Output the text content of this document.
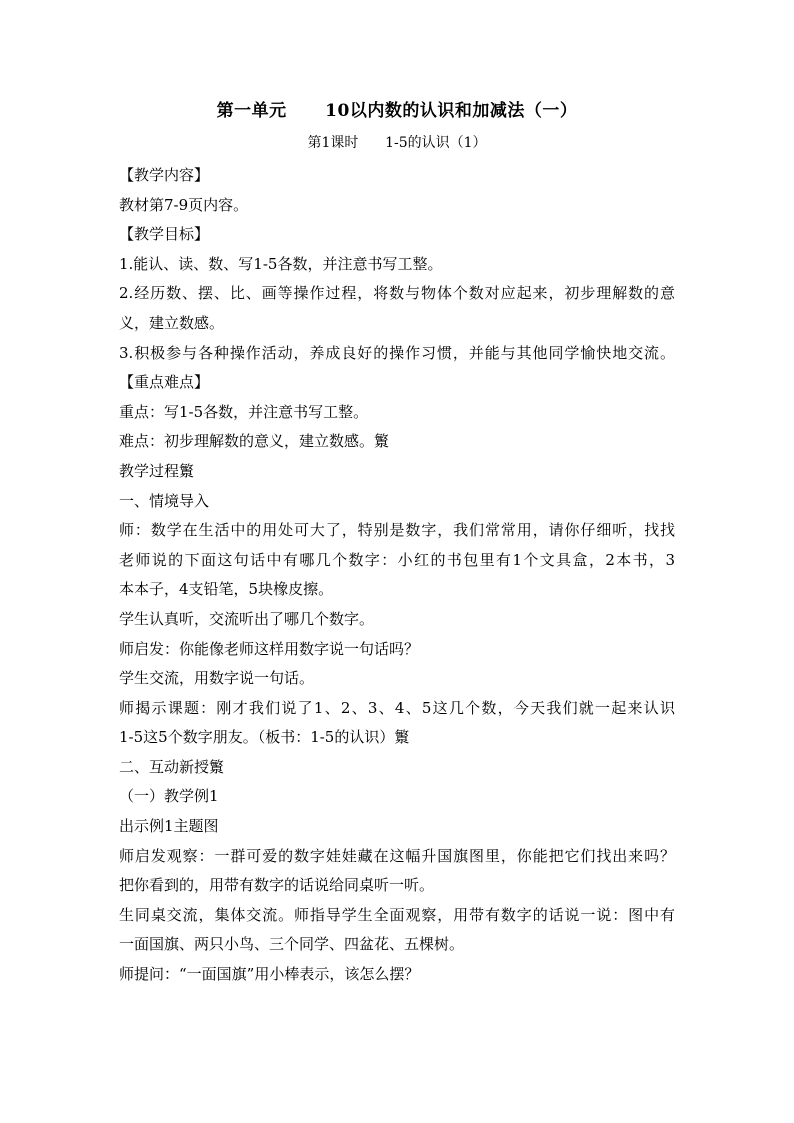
第一单元      10以内数的认识和加减法（一）
第1课时      1-5的认识（1）
【教学内容】
教材第7-9页内容。
【教学目标】
1.能认、读、数、写1-5各数，并注意书写工整。
2.经历数、摆、比、画等操作过程，将数与物体个数对应起来，初步理解数的意
义，建立数感。
3.积极参与各种操作活动，养成良好的操作习惯，并能与其他同学愉快地交流。
【重点难点】
重点：写1-5各数，并注意书写工整。
难点：初步理解数的意义，建立数感。瀪
教学过程瀪
一、情境导入
师：数学在生活中的用处可大了，特别是数字，我们常常用，请你仔细听，找找
老师说的下面这句话中有哪几个数字：小红的书包里有1个文具盒，2本书，3
本本子，4支铅笔，5块橡皮擦。
学生认真听，交流听出了哪几个数字。
师启发：你能像老师这样用数字说一句话吗？
学生交流，用数字说一句话。
师揭示课题：刚才我们说了1、2、3、4、5这几个数，今天我们就一起来认识
1-5这5个数字朋友。（板书：1-5的认识）瀪
二、互动新授瀪
（一）教学例1
出示例1主题图
师启发观察：一群可爱的数字娃娃藏在这幅升国旗图里，你能把它们找出来吗？
把你看到的，用带有数字的话说给同桌听一听。
生同桌交流，集体交流。师指导学生全面观察，用带有数字的话说一说：图中有
一面国旗、两只小鸟、三个同学、四盆花、五棵树。
师提问：“一面国旗”用小棒表示，该怎么摆？
